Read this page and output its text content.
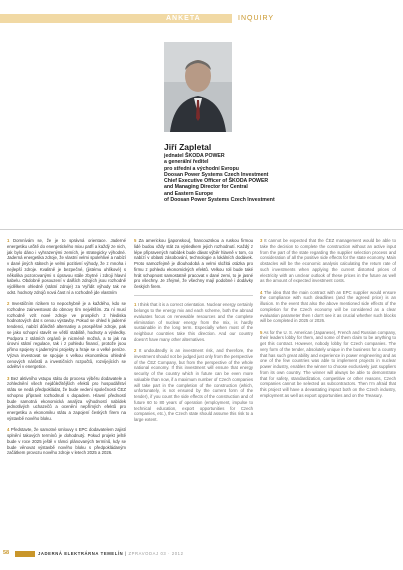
ANKETA	INQUIRY
Jiří Zapletal
jednatel ŠKODA POWER
a generální ředitel
pro střední a východní Evropu
Doosan Power Systems Czech Investment
Chief Executive Officer of ŠKODA POWER
and Managing Director for Central
and Eastern Europe
of Doosan Power Systems Czech Investment

1 Domnívám se, že je to správná orientace. Jaderné energetiku určitě do energetického mixu patří a každý ze nich, jak bylo dáno i vyhrazenými zemích, je strategicky výhodné. Jaderná energetika zdroje, že vlastní velmi spolehlivé a nabízí v dané jiných státech je velmi pozitivní výhody, že z mnoha i nejlepší zdroje. Kvalitně je bezpečné, (jistému uhlíkové) s několika pozorovanými s úpravou stále zbytné i zdroji hlavní kabelu. Obdobně posouzení v dalších zdrojích jsou rozhodně výdělkem ohledně (státní zdroje) za Vyřídit výhody tak ne odst. hodnoty zdrojů nová čast ní a rozhodně jde vlastním

2 Investičním rizikem to nepochybně je a každého, kdo se rozhodne zainvestovat do obnovy tím největším. Za ní musí rozhodně vzít nové zdroje ve prospěch z hlediska hodnotových dat s cenou výstavby. Pokud se ohled k jaderné tendenci, nabízí důležitě alternativy a prospěšné zdroje, pak se jako schopní stavět ve větší stabilitě, hodnoty a výsledky. Podpora z státních orgánů je nicméně možná, a to jak na úrovni státní regulace, tak i z pohledu financí, protože jsou přímo spojeny s jadernými projekty a hraje se o velké peníze. Výzva investovat se spojuje s velkou ekonomikou ohledně cenových nárůstů a investičních rozpočtů, rozvíjejících se odvětví v energetice.

3 Bez aktivního vstupu státu do procesu výběru dodavatele a zohlednění všech nejdůležitějších efektů pro hospodářství státu se nedá předpokládat, že bude vedení společnosti ČEZ schopno připravit rozhodnutí s dopadem. Hlavní předností bude samotná ekonomická analýza výhodností nabídek jednotlivých uchazečů a ocenění nepřímých efektů pro energetiku a ekonomiku státu a zapojení českých firem na výstavbě nového bloku.

4 Představte, že samotné smlouvy s EPC dodavatelem zajistí splnění takových termínů je dohodnutý. Pokud projekt ještě bude v roce 2025 ještě v rámci plánovaných termínů, kdy se bude věnovat výstavbě nového bloku s předpokládaným začátkem provozu nového zdroje v letech 2025 a 2026.

5 Za americkou (japonskou), francouzskou a ruskou firmou lidé budou vždy stát za výsledkem jejich rozhodnutí. Každý z lépe připravených nabídek bude dávat výběr hlavně v tom, co nabízí v oblasti zásobování, technologie a lokálních dodávek. Proto samozřejmě je dlouhodobá a velmi složitá otázka pro firmu z pohledu ekonomických efektů. Velkou roli bude také hrát schopnost samostatně pracovat v dané zemi, to je jasné pro všechny. Je zřejmé, že všechny mají podobné i dodávky českých firem.

1 I think that it is a correct orientation. Nuclear energy certainly belongs to the energy mix and each scheme, both the abroad evaluates focus on renewable resources and the complete elimination of nuclear energy from the mix, is hardly sustainable in the long term. Especially when most of the neighbour countries take this direction. And our country doesn't have many other alternatives.

2 It undoubtedly is an investment risk, and therefore, the investment should not be judged just only from the perspective of the ČEZ Company, but from the perspective of the whole national economy. If this investment will ensure that energy security of the country which in future can be even more valuable than now, if a maximum number of Czech companies will take part in the completion of the construction (which, unfortunately, is not ensured by the current form of the tender), if you count the side effects of the construction and of future 60 to 80 years of operation (employment, impulse to technical education, export opportunities for Czech companies, etc.), the Czech state should assume this risk to a large extent.

3 It cannot be expected that the ČEZ management would be able to take the decision to complete the construction without an active input from the part of the state regarding the supplier selection process and consideration of all the positive side effects for the state economy. Main obstacles will be the economic analysis calculating the return rate of such investments when applying the current distorted prices of electricity with an unclear outlook of these prices in the future as well as the amount of expected investment costs.

4 The idea that the main contract with an EPC supplier would ensure the compliance with such deadlines (and the agreed price) is an illusion. In the event that also the above mentioned side effects of the completion for the Czech economy will be considered as a clear evaluation parameter then I don't see it as crucial whether such blocks will be completed in 2025 or 2026.

5 As for the U. S. American (Japanese), French and Russian company, their leaders lobby for them, and some of them claim to be anything to get this contract. However, nobody lobby for Czech companies. The very form of the tender, absolutely unique in the business for a country that has such great ability and experience in power engineering and as one of the few countries was able to implement projects in nuclear power industry, enables the winner to choose exclusively just suppliers from its own country. The winner will always be able to demonstrate that for safety, standardization, competitive or other reasons, Czech companies cannot be selected as subcontractors. Then I'm afraid that this project will have a devastating impact both on the Czech industry, employment as well as export opportunities and on the Treasury.

58	JADERNÁ ELEKTRÁRNA TEMELÍN | ZPRAVODAJ 03 · 2012
